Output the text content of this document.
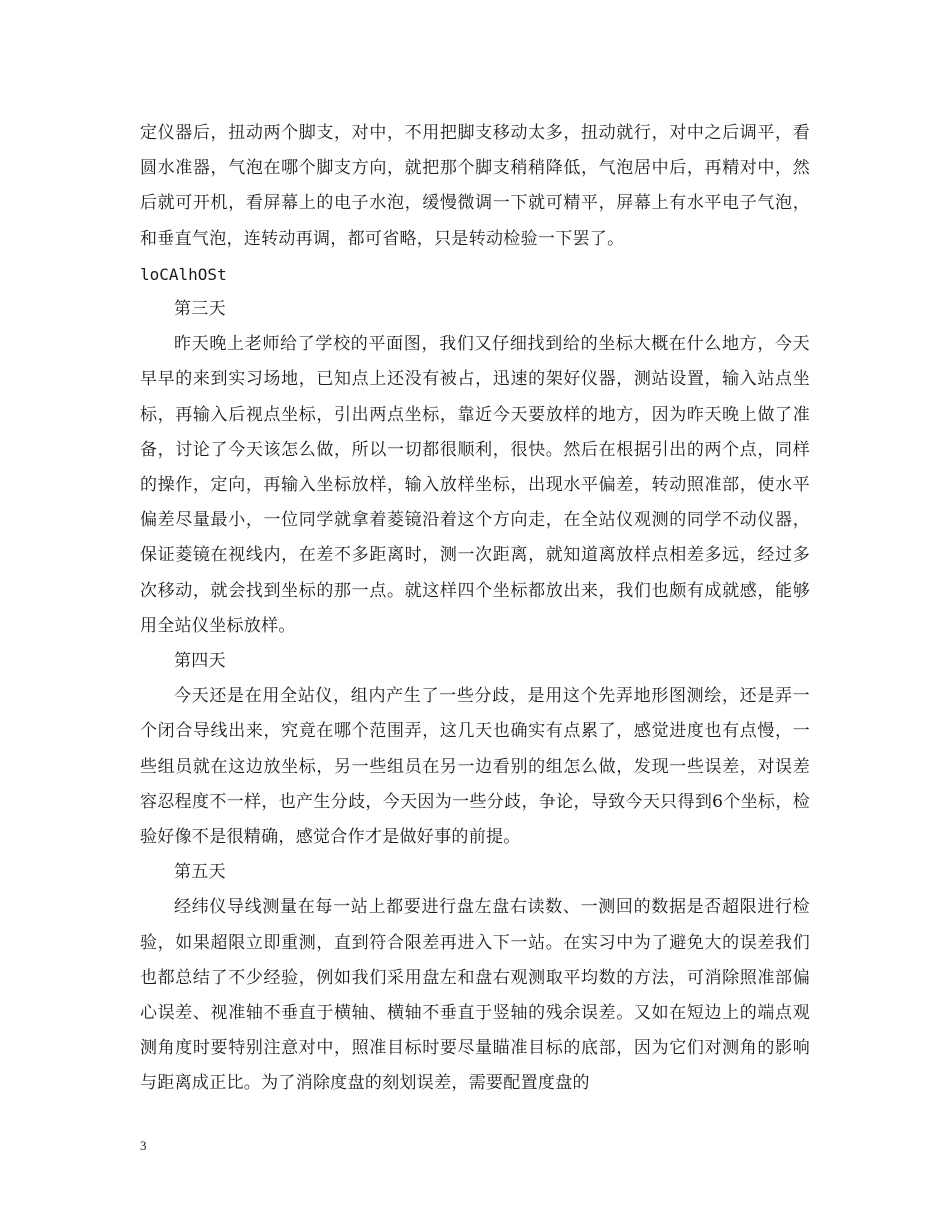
定仪器后，扭动两个脚支，对中，不用把脚支移动太多，扭动就行，对中之后调平，看圆水准器，气泡在哪个脚支方向，就把那个脚支稍稍降低，气泡居中后，再精对中，然后就可开机，看屏幕上的电子水泡，缓慢微调一下就可精平，屏幕上有水平电子气泡，和垂直气泡，连转动再调，都可省略，只是转动检验一下罢了。

loCAlhOSt

第三天

昨天晚上老师给了学校的平面图，我们又仔细找到给的坐标大概在什么地方，今天早早的来到实习场地，已知点上还没有被占，迅速的架好仪器，测站设置，输入站点坐标，再输入后视点坐标，引出两点坐标，靠近今天要放样的地方，因为昨天晚上做了准备，讨论了今天该怎么做，所以一切都很顺利，很快。然后在根据引出的两个点，同样的操作，定向，再输入坐标放样，输入放样坐标，出现水平偏差，转动照准部，使水平偏差尽量最小，一位同学就拿着菱镜沿着这个方向走，在全站仪观测的同学不动仪器，保证菱镜在视线内，在差不多距离时，测一次距离，就知道离放样点相差多远，经过多次移动，就会找到坐标的那一点。就这样四个坐标都放出来，我们也颇有成就感，能够用全站仪坐标放样。

第四天

今天还是在用全站仪，组内产生了一些分歧，是用这个先弄地形图测绘，还是弄一个闭合导线出来，究竟在哪个范围弄，这几天也确实有点累了，感觉进度也有点慢，一些组员就在这边放坐标，另一些组员在另一边看别的组怎么做，发现一些误差，对误差容忍程度不一样，也产生分歧，今天因为一些分歧，争论，导致今天只得到6个坐标，检验好像不是很精确，感觉合作才是做好事的前提。

第五天

经纬仪导线测量在每一站上都要进行盘左盘右读数、一测回的数据是否超限进行检验，如果超限立即重测，直到符合限差再进入下一站。在实习中为了避免大的误差我们也都总结了不少经验，例如我们采用盘左和盘右观测取平均数的方法，可消除照准部偏心误差、视准轴不垂直于横轴、横轴不垂直于竖轴的残余误差。又如在短边上的端点观测角度时要特别注意对中，照准目标时要尽量瞄准目标的底部，因为它们对测角的影响与距离成正比。为了消除度盘的刻划误差，需要配置度盘的

3
